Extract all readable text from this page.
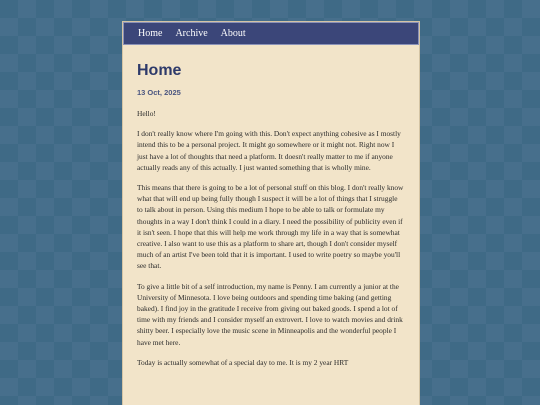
Home Archive About
Home
13 Oct, 2025

Hello!

I don't really know where I'm going with this. Don't expect anything cohesive as I mostly intend this to be a personal project. It might go somewhere or it might not. Right now I just have a lot of thoughts that need a platform. It doesn't really matter to me if anyone actually reads any of this actually. I just wanted something that is wholly mine.

This means that there is going to be a lot of personal stuff on this blog. I don't really know what that will end up being fully though I suspect it will be a lot of things that I struggle to talk about in person. Using this medium I hope to be able to talk or formulate my thoughts in a way I don't think I could in a diary. I need the possibility of publicity even if it isn't seen. I hope that this will help me work through my life in a way that is somewhat creative. I also want to use this as a platform to share art, though I don't consider myself much of an artist I've been told that it is important. I used to write poetry so maybe you'll see that.

To give a little bit of a self introduction, my name is Penny. I am currently a junior at the University of Minnesota. I love being outdoors and spending time baking (and getting baked). I find joy in the gratitude I receive from giving out baked goods. I spend a lot of time with my friends and I consider myself an extrovert. I love to watch movies and drink shitty beer. I especially love the music scene in Minneapolis and the wonderful people I have met here.

Today is actually somewhat of a special day to me. It is my 2 year HRT
